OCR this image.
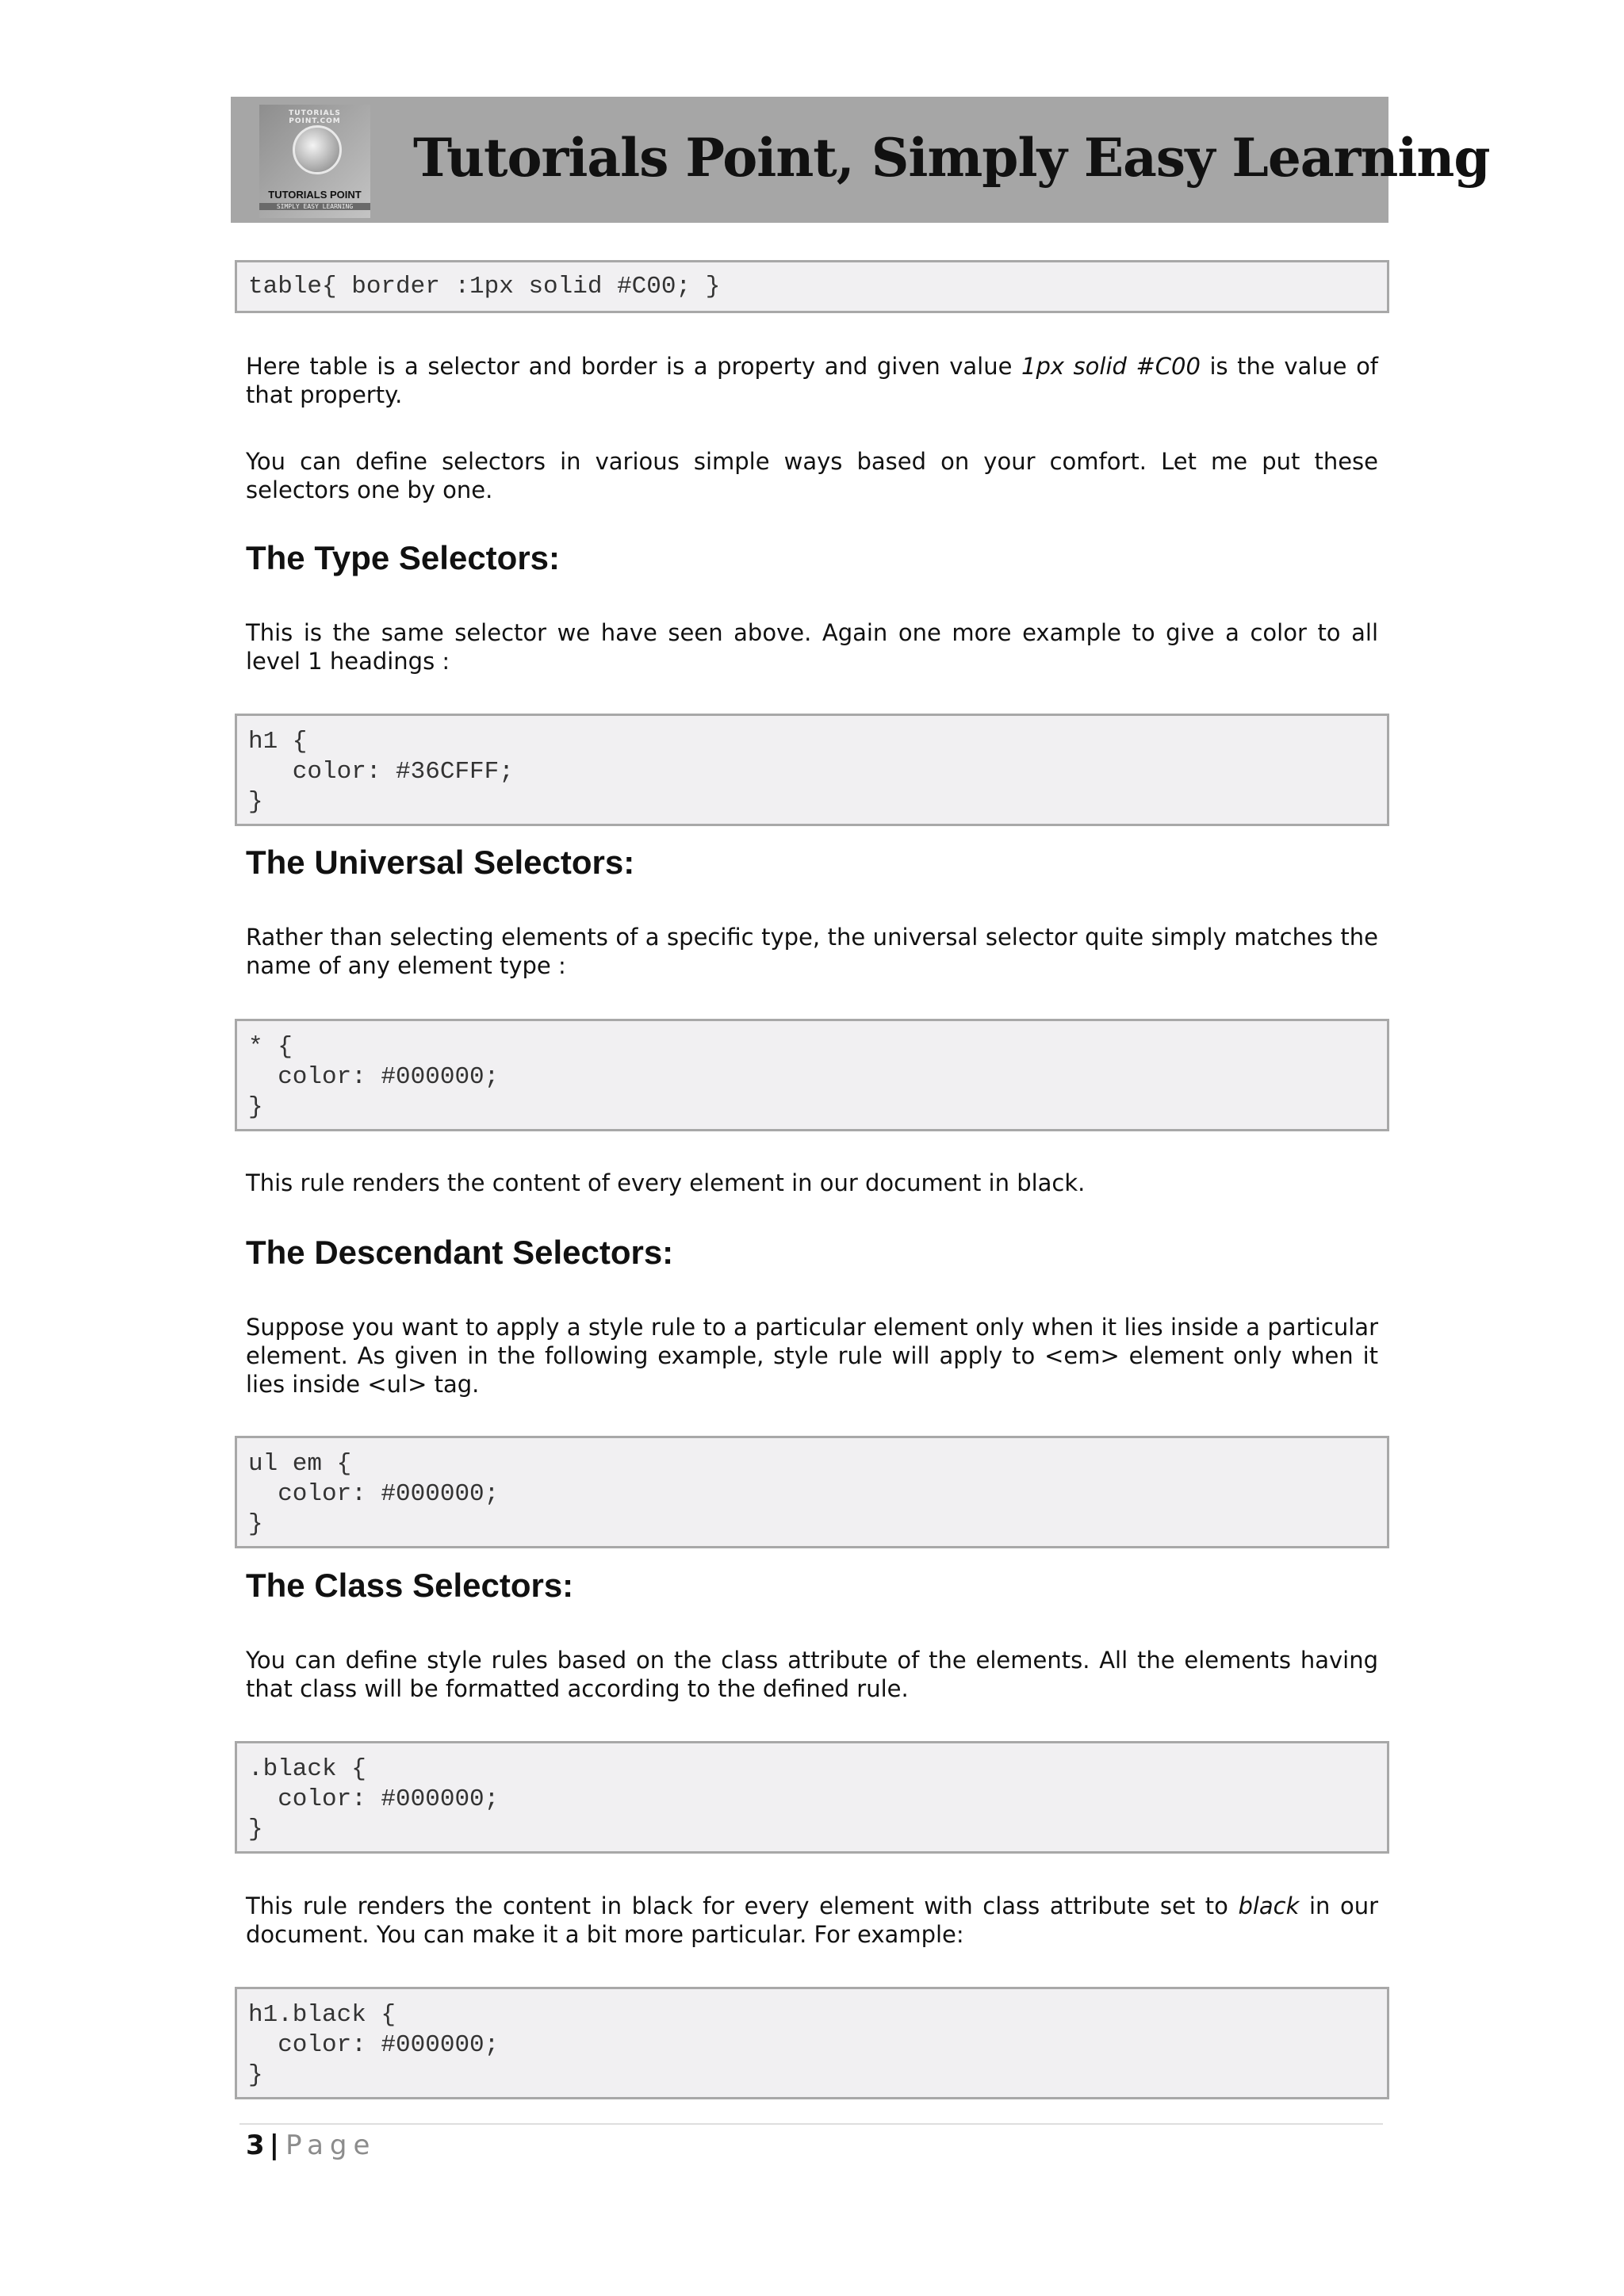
TUTORIALS POINT.COM
TUTORIALS POINT
SIMPLY EASY LEARNING
Tutorials Point, Simply Easy Learning
table{ border :1px solid #C00; }
Here table is a selector and border is a property and given value 1px solid #C00 is the value of that property.
You can define selectors in various simple ways based on your comfort. Let me put these selectors one by one.
The Type Selectors:
This is the same selector we have seen above. Again one more example to give a color to all level 1 headings :
h1 {
color: #36CFFF;
}
The Universal Selectors:
Rather than selecting elements of a specific type, the universal selector quite simply matches the name of any element type :
* {
color: #000000;
}
This rule renders the content of every element in our document in black.
The Descendant Selectors:
Suppose you want to apply a style rule to a particular element only when it lies inside a particular element. As given in the following example, style rule will apply to <em> element only when it lies inside <ul> tag.
ul em {
color: #000000;
}
The Class Selectors:
You can define style rules based on the class attribute of the elements. All the elements having that class will be formatted according to the defined rule.
.black {
color: #000000;
}
This rule renders the content in black for every element with class attribute set to black in our document. You can make it a bit more particular. For example:
h1.black {
color: #000000;
}
3 | Page
